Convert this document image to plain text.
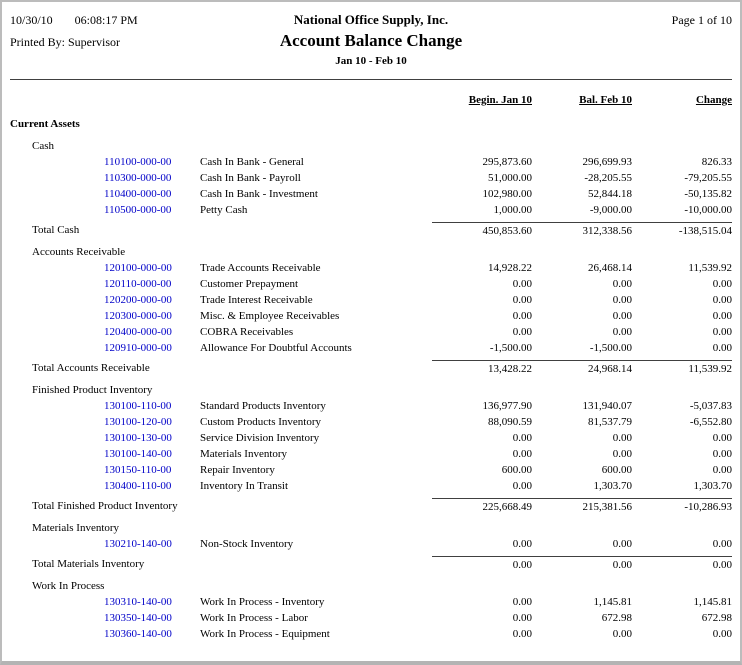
10/30/10 06:08:17 PM	National Office Supply, Inc.	Page 1 of 10
Printed By: Supervisor	Account Balance Change
Jan 10 - Feb 10
Begin. Jan 10	Bal. Feb 10	Change
Current Assets
Cash
110100-000-00	Cash In Bank - General	295,873.60	296,699.93	826.33
110300-000-00	Cash In Bank - Payroll	51,000.00	-28,205.55	-79,205.55
110400-000-00	Cash In Bank - Investment	102,980.00	52,844.18	-50,135.82
110500-000-00	Petty Cash	1,000.00	-9,000.00	-10,000.00
Total Cash	450,853.60	312,338.56	-138,515.04
Accounts Receivable
120100-000-00	Trade Accounts Receivable	14,928.22	26,468.14	11,539.92
120110-000-00	Customer Prepayment	0.00	0.00	0.00
120200-000-00	Trade Interest Receivable	0.00	0.00	0.00
120300-000-00	Misc. & Employee Receivables	0.00	0.00	0.00
120400-000-00	COBRA Receivables	0.00	0.00	0.00
120910-000-00	Allowance For Doubtful Accounts	-1,500.00	-1,500.00	0.00
Total Accounts Receivable	13,428.22	24,968.14	11,539.92
Finished Product Inventory
130100-110-00	Standard Products Inventory	136,977.90	131,940.07	-5,037.83
130100-120-00	Custom Products Inventory	88,090.59	81,537.79	-6,552.80
130100-130-00	Service Division Inventory	0.00	0.00	0.00
130100-140-00	Materials Inventory	0.00	0.00	0.00
130150-110-00	Repair Inventory	600.00	600.00	0.00
130400-110-00	Inventory In Transit	0.00	1,303.70	1,303.70
Total Finished Product Inventory	225,668.49	215,381.56	-10,286.93
Materials Inventory
130210-140-00	Non-Stock Inventory	0.00	0.00	0.00
Total Materials Inventory	0.00	0.00	0.00
Work In Process
130310-140-00	Work In Process - Inventory	0.00	1,145.81	1,145.81
130350-140-00	Work In Process - Labor	0.00	672.98	672.98
130360-140-00	Work In Process - Equipment	0.00	0.00	0.00
